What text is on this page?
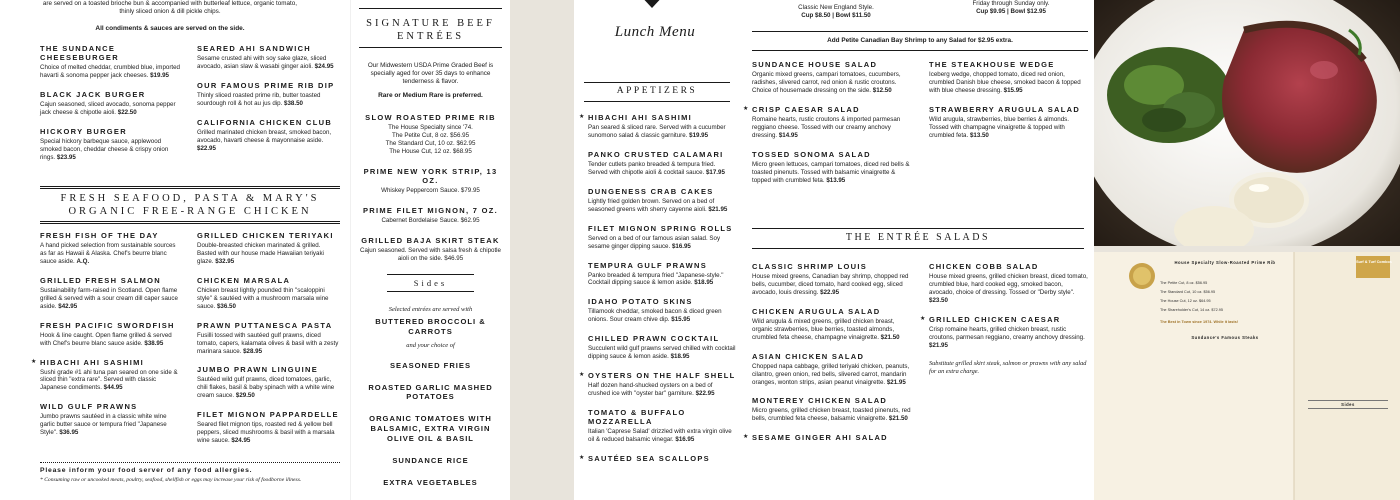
are served on a toasted brioche bun & accompanied with butterleaf lettuce, organic tomato, thinly sliced onion & dill pickle chips.
All condiments & sauces are served on the side.
THE SUNDANCE CHEESEBURGER
Choice of melted cheddar, crumbled blue, imported havarti & sonoma pepper jack cheeses. $19.95
BLACK JACK BURGER
Cajun seasoned, sliced avocado, sonoma pepper jack cheese & chipotle aioli. $22.50
HICKORY BURGER
Special hickory barbeque sauce, applewood smoked bacon, cheddar cheese & crispy onion rings. $23.95
SEARED AHI SANDWICH
Sesame crusted ahi with soy sake glaze, sliced avocado, asian slaw & wasabi ginger aioli. $24.95
OUR FAMOUS PRIME RIB DIP
Thinly sliced roasted prime rib, butter toasted sourdough roll & hot au jus dip. $38.50
CALIFORNIA CHICKEN CLUB
Grilled marinated chicken breast, smoked bacon, avocado, havarti cheese & mayonnaise aside. $22.95
FRESH SEAFOOD, PASTA & MARY'S ORGANIC FREE-RANGE CHICKEN
FRESH FISH OF THE DAY
A hand picked selection from sustainable sources as far as Hawaii & Alaska. Chef's beurre blanc sauce aside. A.Q.
GRILLED FRESH SALMON
Sustainability farm-raised in Scotland. Open flame grilled & served with a sour cream dill caper sauce aside. $42.95
FRESH PACIFIC SWORDFISH
Hook & line caught. Open flame grilled & served with Chef's beurre blanc sauce aside. $38.95
★ HIBACHI AHI SASHIMI
Sushi grade #1 ahi tuna pan seared on one side & sliced thin "extra rare". Served with classic Japanese condiments. $44.95
WILD GULF PRAWNS
Jumbo prawns sautéed in a classic white wine garlic butter sauce or tempura fried "Japanese Style". $36.95
GRILLED CHICKEN TERIYAKI
Double-breasted chicken marinated & grilled. Basted with our house made Hawaiian teriyaki glaze. $32.95
CHICKEN MARSALA
Chicken breast lightly pounded thin "scaloppini style" & sautéed with a mushroom marsala wine sauce. $36.50
PRAWN PUTTANESCA PASTA
Fusilli tossed with sautéed gulf prawns, diced tomato, capers, kalamata olives & basil with a zesty marinara sauce. $28.95
JUMBO PRAWN LINGUINE
Sautéed wild gulf prawns, diced tomatoes, garlic, chili flakes, basil & baby spinach with a white wine cream sauce. $29.50
FILET MIGNON PAPPARDELLE
Seared filet mignon tips, roasted red & yellow bell peppers, sliced mushrooms & basil with a marsala wine sauce. $24.95
Please inform your food server of any food allergies.
* Consuming raw or uncooked meats, poultry, seafood, shellfish or eggs may increase your risk of foodborne illness.
SIGNATURE BEEF ENTRÉES
Our Midwestern USDA Prime Graded Beef is specially aged for over 35 days to enhance tenderness & flavor.
Rare or Medium Rare is preferred.
SLOW ROASTED PRIME RIB
The House Specialty since '74.
The Petite Cut, 8 oz. $56.95
The Standard Cut, 10 oz. $62.95
The House Cut, 12 oz. $68.95
PRIME NEW YORK STRIP, 13 OZ.
Whiskey Peppercorn Sauce. $79.95
PRIME FILET MIGNON, 7 OZ.
Cabernet Bordelaise Sauce. $62.95
GRILLED BAJA SKIRT STEAK
Cajun seasoned. Served with salsa fresh & chipotle aioli on the side. $46.95
Sides
Selected entrées are served with
BUTTERED BROCCOLI & CARROTS
and your choice of
SEASONED FRIES
ROASTED GARLIC MASHED POTATOES
ORGANIC TOMATOES WITH BALSAMIC, EXTRA VIRGIN OLIVE OIL & BASIL
SUNDANCE RICE
EXTRA VEGETABLES
Lunch Menu
APPETIZERS
★ HIBACHI AHI SASHIMI
Pan seared & sliced rare. Served with a cucumber sunomono salad & classic garniture. $19.95
PANKO CRUSTED CALAMARI
Tender cutlets panko breaded & tempura fried. Served with chipotle aioli & cocktail sauce. $17.95
DUNGENESS CRAB CAKES
Lightly fried golden brown. Served on a bed of seasoned greens with sherry cayenne aioli. $21.95
FILET MIGNON SPRING ROLLS
Served on a bed of our famous asian salad. Soy sesame ginger dipping sauce. $16.95
TEMPURA GULF PRAWNS
Panko breaded & tempura fried "Japanese-style." Cocktail dipping sauce & lemon aside. $18.95
IDAHO POTATO SKINS
Tillamook cheddar, smoked bacon & diced green onions. Sour cream chive dip. $15.95
CHILLED PRAWN COCKTAIL
Succulent wild gulf prawns served chilled with cocktail dipping sauce & lemon aside. $18.95
★ OYSTERS ON THE HALF SHELL
Half dozen hand-shucked oysters on a bed of crushed ice with "oyster bar" garniture. $22.95
TOMATO & BUFFALO MOZZARELLA
Italian 'Caprese Salad' drizzled with extra virgin olive oil & reduced balsamic vinegar. $16.95
★ SAUTÉED SEA SCALLOPS
Classic New England Style.
Cup $8.50 | Bowl $11.50
Friday through Sunday only.
Cup $9.95 | Bowl $12.95
Add Petite Canadian Bay Shrimp to any Salad for $2.95 extra.
SUNDANCE HOUSE SALAD
Organic mixed greens, campari tomatoes, cucumbers, radishes, slivered carrot, red onion & rustic croutons. Choice of housemade dressing on the side. $12.50
★ CRISP CAESAR SALAD
Romaine hearts, rustic croutons & imported parmesan reggiano cheese. Tossed with our creamy anchovy dressing. $14.95
TOSSED SONOMA SALAD
Micro green lettuces, campari tomatoes, diced red bells & toasted pinenuts. Tossed with balsamic vinaigrette & topped with crumbled feta. $13.95
THE STEAKHOUSE WEDGE
Iceberg wedge, chopped tomato, diced red onion, crumbled Danish blue cheese, smoked bacon & topped with blue cheese dressing. $15.95
STRAWBERRY ARUGULA SALAD
Wild arugula, strawberries, blue berries & almonds. Tossed with champagne vinaigrette & topped with crumbled feta. $13.50
THE ENTRÉE SALADS
CLASSIC SHRIMP LOUIS
House mixed greens, Canadian bay shrimp, chopped red bells, cucumber, diced tomato, hard cooked egg, sliced avocado, louis dressing. $22.95
CHICKEN ARUGULA SALAD
Wild arugula & mixed greens, grilled chicken breast, organic strawberries, blue berries, toasted almonds, crumbled feta cheese, champagne vinaigrette. $21.50
ASIAN CHICKEN SALAD
Chopped napa cabbage, grilled teriyaki chicken, peanuts, cilantro, green onion, red bells, slivered carrot, mandarin oranges, wonton strips, asian peanut vinaigrette. $21.95
MONTEREY CHICKEN SALAD
Micro greens, grilled chicken breast, toasted pinenuts, red bells, crumbled feta cheese, balsamic vinaigrette. $21.50
★ SESAME GINGER AHI SALAD
CHICKEN COBB SALAD
House mixed greens, grilled chicken breast, diced tomato, crumbled blue, hard cooked egg, smoked bacon, avocado, choice of dressing. Tossed or "Derby style". $23.50
★ GRILLED CHICKEN CAESAR
Crisp romaine hearts, grilled chicken breast, rustic croutons, parmesan reggiano, creamy anchovy dressing. $21.95
Substitute grilled skirt steak, salmon or prawns with any salad for an extra charge.
House Specialty Slow-Roasted Prime Rib
The Petite Cut, 8 oz. $56.95
The Standard Cut, 10 oz. $56.95
The House Cut, 12 oz. $64.95
The Shareholder's Cut, 14 oz. $72.95
The Best in Town since 1974. While it lasts!
Sundance's Famous Steaks
Surf & Turf Combos
Sides
